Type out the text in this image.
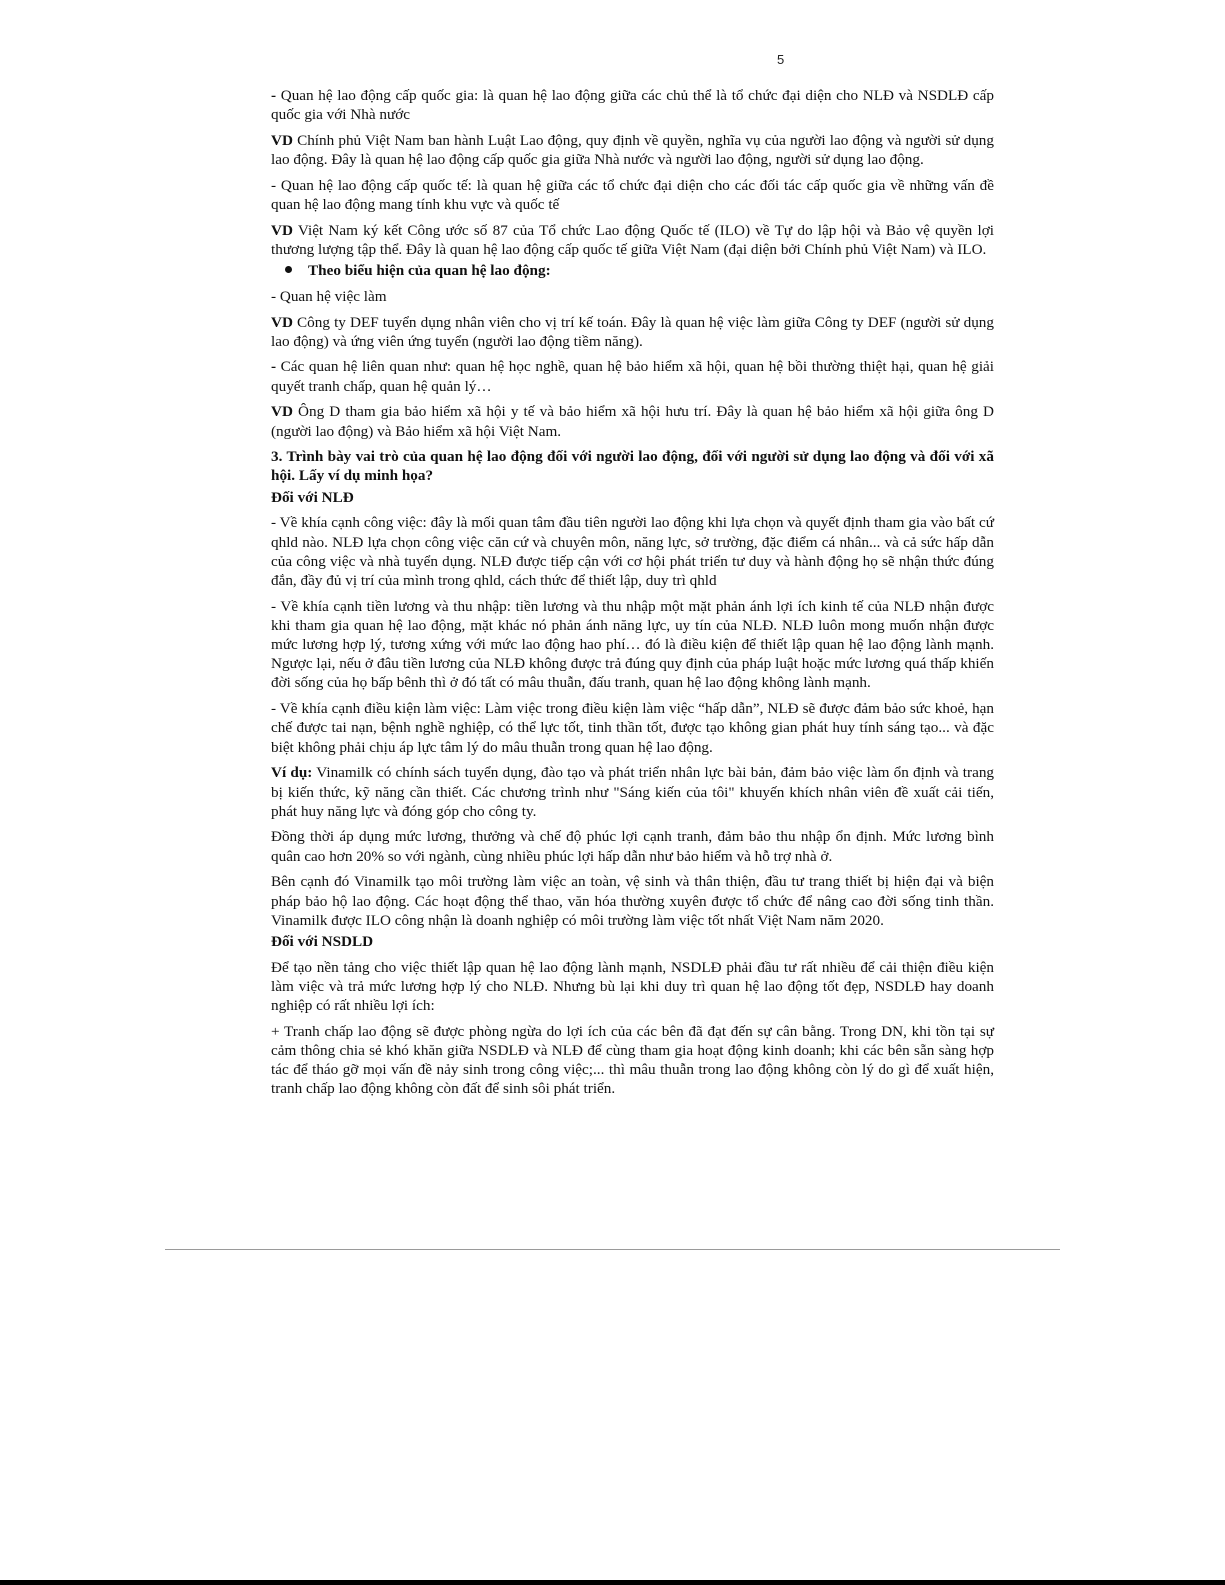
5

- Quan hệ lao động cấp quốc gia: là quan hệ lao động giữa các chủ thể là tổ chức đại diện cho NLĐ và NSDLĐ cấp quốc gia với Nhà nước

VD Chính phủ Việt Nam ban hành Luật Lao động, quy định về quyền, nghĩa vụ của người lao động và người sử dụng lao động. Đây là quan hệ lao động cấp quốc gia giữa Nhà nước và người lao động, người sử dụng lao động.

- Quan hệ lao động cấp quốc tế: là quan hệ giữa các tổ chức đại diện cho các đối tác cấp quốc gia về những vấn đề quan hệ lao động mang tính khu vực và quốc tế

VD Việt Nam ký kết Công ước số 87 của Tổ chức Lao động Quốc tế (ILO) về Tự do lập hội và Bảo vệ quyền lợi thương lượng tập thể. Đây là quan hệ lao động cấp quốc tế giữa Việt Nam (đại diện bởi Chính phủ Việt Nam) và ILO.

Theo biểu hiện của quan hệ lao động:

- Quan hệ việc làm

VD Công ty DEF tuyển dụng nhân viên cho vị trí kế toán. Đây là quan hệ việc làm giữa Công ty DEF (người sử dụng lao động) và ứng viên ứng tuyển (người lao động tiềm năng).

- Các quan hệ liên quan như: quan hệ học nghề, quan hệ bảo hiểm xã hội, quan hệ bồi thường thiệt hại, quan hệ giải quyết tranh chấp, quan hệ quản lý…

VD Ông D tham gia bảo hiểm xã hội y tế và bảo hiểm xã hội hưu trí. Đây là quan hệ bảo hiểm xã hội giữa ông D (người lao động) và Bảo hiểm xã hội Việt Nam.

3. Trình bày vai trò của quan hệ lao động đối với người lao động, đối với người sử dụng lao động và đối với xã hội. Lấy ví dụ minh họa?

Đối với NLĐ

- Về khía cạnh công việc: đây là mối quan tâm đầu tiên người lao động khi lựa chọn và quyết định tham gia vào bất cứ qhld nào. NLĐ lựa chọn công việc căn cứ và chuyên môn, năng lực, sở trường, đặc điểm cá nhân... và cả sức hấp dẫn của công việc và nhà tuyển dụng. NLĐ được tiếp cận với cơ hội phát triển tư duy và hành động họ sẽ nhận thức đúng đắn, đầy đủ vị trí của mình trong qhld, cách thức để thiết lập, duy trì qhld

- Về khía cạnh tiền lương và thu nhập: tiền lương và thu nhập một mặt phản ánh lợi ích kinh tế của NLĐ nhận được khi tham gia quan hệ lao động, mặt khác nó phản ánh năng lực, uy tín của NLĐ. NLĐ luôn mong muốn nhận được mức lương hợp lý, tương xứng với mức lao động hao phí… đó là điều kiện để thiết lập quan hệ lao động lành mạnh. Ngược lại, nếu ở đâu tiền lương của NLĐ không được trả đúng quy định của pháp luật hoặc mức lương quá thấp khiến đời sống của họ bấp bênh thì ở đó tất có mâu thuẫn, đấu tranh, quan hệ lao động không lành mạnh.

- Về khía cạnh điều kiện làm việc: Làm việc trong điều kiện làm việc “hấp dẫn”, NLĐ sẽ được đảm bảo sức khoẻ, hạn chế được tai nạn, bệnh nghề nghiệp, có thể lực tốt, tinh thần tốt, được tạo không gian phát huy tính sáng tạo... và đặc biệt không phải chịu áp lực tâm lý do mâu thuẫn trong quan hệ lao động.

Ví dụ: Vinamilk có chính sách tuyển dụng, đào tạo và phát triển nhân lực bài bản, đảm bảo việc làm ổn định và trang bị kiến thức, kỹ năng cần thiết. Các chương trình như "Sáng kiến của tôi" khuyến khích nhân viên đề xuất cải tiến, phát huy năng lực và đóng góp cho công ty.

Đồng thời áp dụng mức lương, thưởng và chế độ phúc lợi cạnh tranh, đảm bảo thu nhập ổn định. Mức lương bình quân cao hơn 20% so với ngành, cùng nhiều phúc lợi hấp dẫn như bảo hiểm và hỗ trợ nhà ở.

Bên cạnh đó Vinamilk tạo môi trường làm việc an toàn, vệ sinh và thân thiện, đầu tư trang thiết bị hiện đại và biện pháp bảo hộ lao động. Các hoạt động thể thao, văn hóa thường xuyên được tổ chức để nâng cao đời sống tinh thần. Vinamilk được ILO công nhận là doanh nghiệp có môi trường làm việc tốt nhất Việt Nam năm 2020.

Đối với NSDLD

Để tạo nền tảng cho việc thiết lập quan hệ lao động lành mạnh, NSDLĐ phải đầu tư rất nhiều để cải thiện điều kiện làm việc và trả mức lương hợp lý cho NLĐ. Nhưng bù lại khi duy trì quan hệ lao động tốt đẹp, NSDLĐ hay doanh nghiệp có rất nhiều lợi ích:

+ Tranh chấp lao động sẽ được phòng ngừa do lợi ích của các bên đã đạt đến sự cân bằng. Trong DN, khi tồn tại sự cảm thông chia sẻ khó khăn giữa NSDLĐ và NLĐ để cùng tham gia hoạt động kinh doanh; khi các bên sẵn sàng hợp tác để tháo gỡ mọi vấn đề nảy sinh trong công việc;... thì mâu thuẫn trong lao động không còn lý do gì để xuất hiện, tranh chấp lao động không còn đất để sinh sôi phát triển.
